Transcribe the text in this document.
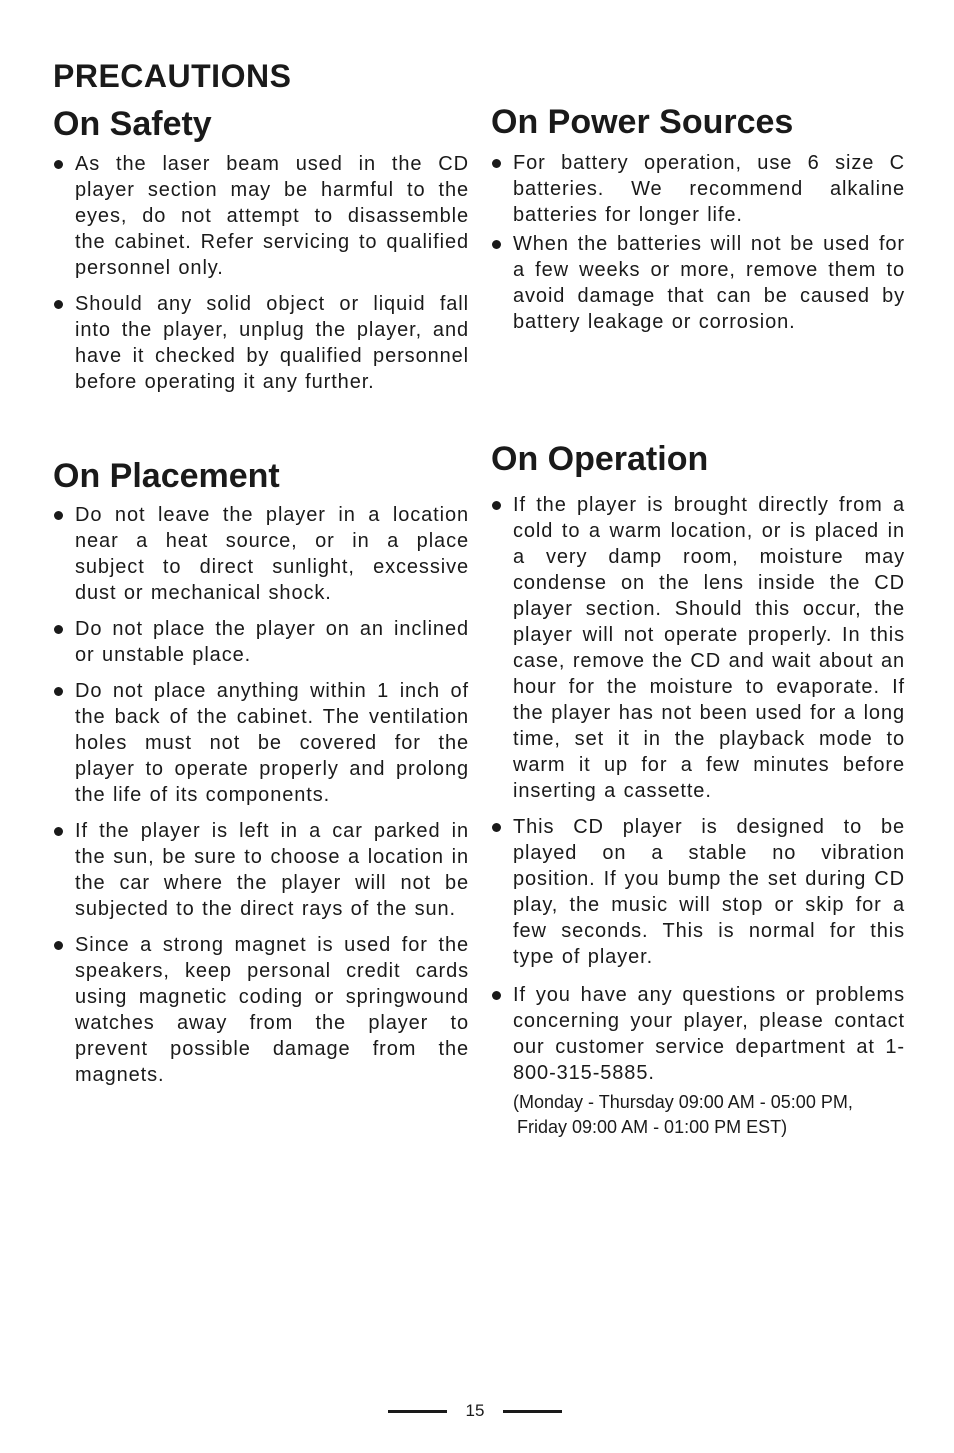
PRECAUTIONS
On Safety
As the laser beam used in the CD player section may be harmful to the eyes, do not attempt to disassemble the cabinet. Refer servicing to qualified personnel only.
Should any solid object or liquid fall into the player, unplug the player, and have it checked by qualified personnel before operating it any further.
On Power Sources
For battery operation, use 6 size C batteries. We recommend alkaline batteries for longer life.
When the batteries will not be used for a few weeks or more, remove them to avoid damage that can be caused by battery leakage or corrosion.
On Placement
Do not leave the player in a location near a heat source, or in a place subject to direct sunlight, excessive dust or mechanical shock.
Do not place the player on an inclined or unstable place.
Do not place anything within 1 inch of the back of the cabinet. The ventilation holes must not be covered for the player to operate properly and prolong the life of its components.
If the player is left in a car parked in the sun, be sure to choose a location in the car where the player will not be subjected to the direct rays of the sun.
Since a strong magnet is used for the speakers, keep personal credit cards using magnetic coding or springwound watches away from the player to prevent possible damage from the magnets.
On Operation
If the player is brought directly from a cold to a warm location, or is placed in a very damp room, moisture may condense on the lens inside the CD player section. Should this occur, the player will not operate properly. In this case, remove the CD and wait about an hour for the moisture to evaporate. If the player has not been used for a long time, set it in the playback mode to warm it up for a few minutes before inserting a cassette.
This CD player is designed to be played on a stable no vibration position. If you bump the set during CD play, the music will stop or skip for a few seconds. This is normal for this type of player.
If you have any questions or problems concerning your player, please contact our customer service department at 1-800-315-5885.
(Monday - Thursday 09:00 AM - 05:00 PM,
Friday 09:00 AM - 01:00 PM EST)
15
